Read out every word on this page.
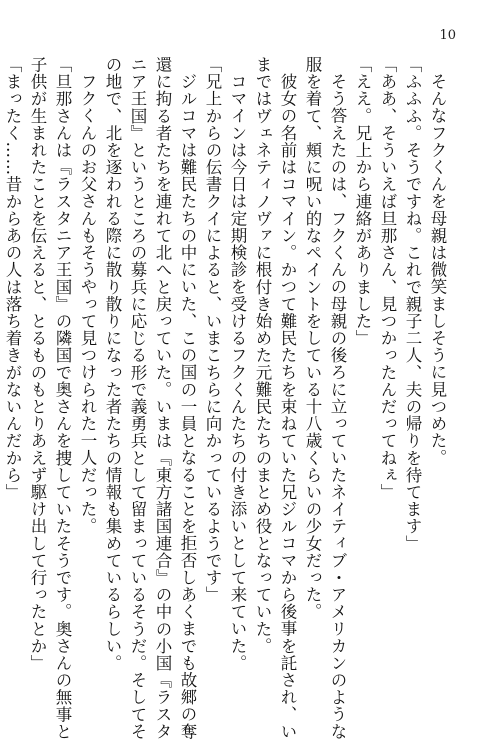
10
そんなフクくんを母親は微笑ましそうに見つめた。
「ふふふ。そうですね。これで親子二人、夫の帰りを待てます」
「ああ、そういえば旦那さん、見つかったんだってねぇ」
「ええ。兄上から連絡がありました」
そう答えたのは、フクくんの母親の後ろに立っていたネイティブ・アメリカンのような
服を着て、頬に呪い的なペイントをしている十八歳くらいの少女だった。
彼女の名前はコマイン。かつて難民たちを束ねていた兄ジルコマから後事を託され、い
まではヴェネティノヴァに根付き始めた元難民たちのまとめ役となっていた。
コマインは今日は定期検診を受けるフクくんたちの付き添いとして来ていた。
「兄上からの伝書クイによると、いまこちらに向かっているようです」
ジルコマは難民たちの中にいた、この国の一員となることを拒否しあくまでも故郷の奪
還に拘る者たちを連れて北へと戻っていた。いまは『東方諸国連合』の中の小国『ラスタ
ニア王国』というところの募兵に応じる形で義勇兵として留まっているそうだ。そしてそ
の地で、北を逐われる際に散り散りになった者たちの情報も集めているらしい。
フクくんのお父さんもそうやって見つけられた一人だった。
「旦那さんは『ラスタニア王国』の隣国で奥さんを捜していたそうです。奥さんの無事と
子供が生まれたことを伝えると、とるものもとりあえず駆け出して行ったとか」
「まったく……昔からあの人は落ち着きがないんだから」
